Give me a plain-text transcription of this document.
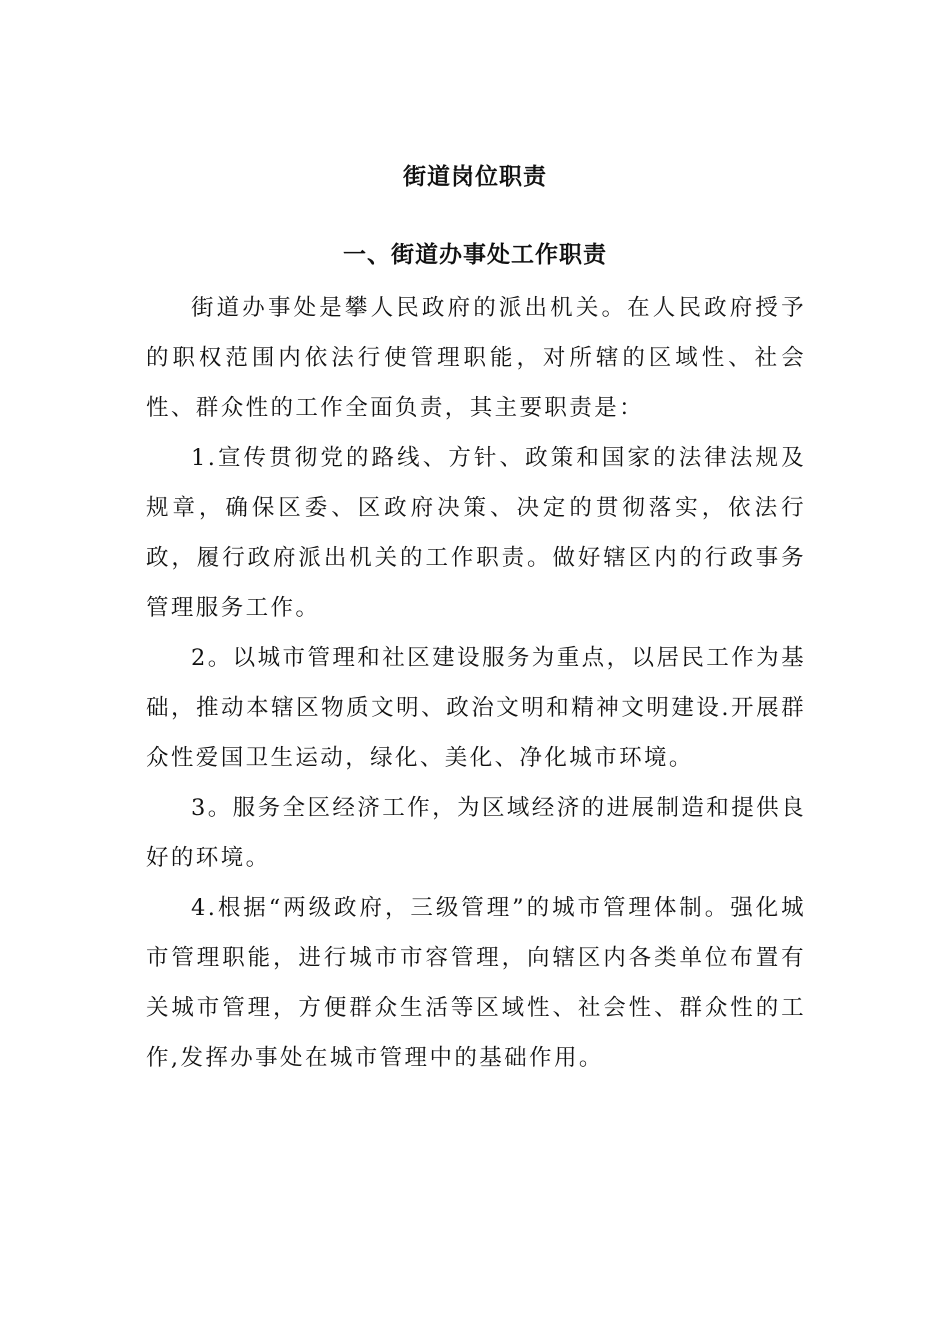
街道岗位职责
一、街道办事处工作职责

街道办事处是攀人民政府的派出机关。在人民政府授予的职权范围内依法行使管理职能，对所辖的区域性、社会性、群众性的工作全面负责，其主要职责是：

1.宣传贯彻党的路线、方针、政策和国家的法律法规及规章，确保区委、区政府决策、决定的贯彻落实，依法行政，履行政府派出机关的工作职责。做好辖区内的行政事务管理服务工作。

2。以城市管理和社区建设服务为重点，以居民工作为基础，推动本辖区物质文明、政治文明和精神文明建设.开展群众性爱国卫生运动，绿化、美化、净化城市环境。

3。服务全区经济工作，为区域经济的进展制造和提供良好的环境。

4.根据“两级政府，三级管理”的城市管理体制。强化城市管理职能，进行城市市容管理，向辖区内各类单位布置有关城市管理，方便群众生活等区域性、社会性、群众性的工作,发挥办事处在城市管理中的基础作用。
